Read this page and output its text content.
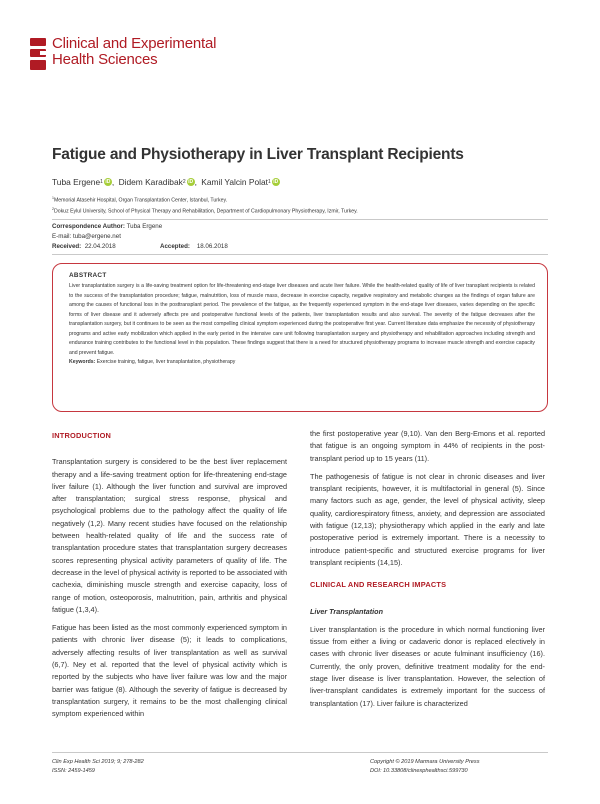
Clinical and Experimental
Health Sciences
Fatigue and Physiotherapy in Liver Transplant Recipients
Tuba Ergene 1 iD , Didem Karadibak 2 iD , Kamil Yalcin Polat 1 iD
$^1$Memorial Atasehir Hospital, Organ Transplantation Center, Istanbul, Turkey.
$^2$Dokuz Eylul University, School of Physical Therapy and Rehabilitation, Department of Cardiopulmonary Physiotherapy, Izmir, Turkey.
Correspondence Author: Tuba Ergene
E-mail: tuba@ergene.net
Received: 22.04.2018	Accepted: 18.06.2018
ABSTRACT
Liver transplantation surgery is a life-saving treatment option for life-threatening end-stage liver diseases and acute liver failure. While the health-related quality of life of liver transplant recipients is related to the success of the transplantation procedure; fatigue, malnutrition, loss of muscle mass, decrease in exercise capacity, negative respiratory and metabolic changes as the findings of organ failure are among the causes of functional loss in the posttransplant period. The prevalence of the fatigue, as the frequently experienced symptom in the end-stage liver diseases, varies depending on the specific forms of liver disease and it adversely affects pre and postoperative functional levels of the patients, liver transplantation results and also survival. The severity of the fatigue decreases after the transplantation surgery, but it continues to be seen as the most compelling clinical symptom experienced during the postoperative first year. Current literature data emphasize the necessity of physiotherapy programs and active early mobilization which applied in the early period in the intensive care unit following transplantation surgery and physiotherapy and rehabilitation approaches including strength and endurance training contributes to the functional level in this population. These findings suggest that there is a need for structured physiotherapy programs to increase muscle strength and exercise capacity and prevent fatigue.
Keywords: Exercise training, fatigue, liver transplantation, physiotherapy
INTRODUCTION

Transplantation surgery is considered to be the best liver replacement therapy and a life-saving treatment option for life-threatening end-stage liver failure (1). Although the liver function and survival are improved after transplantation; surgical stress response, physical and psychological problems due to the pathology affect the quality of life negatively (1,2). Many recent studies have focused on the relationship between health-related quality of life and the success rate of transplantation procedure states that transplantation surgery decreases scores representing physical activity parameters of quality of life. The decrease in the level of physical activity is reported to be associated with cachexia, diminishing muscle strength and exercise capacity, loss of range of motion, osteoporosis, malnutrition, pain, arthritis and physical fatigue (1,3,4).

Fatigue has been listed as the most commonly experienced symptom in patients with chronic liver disease (5); it leads to complications, adversely affecting results of liver transplantation as well as survival (6,7). Ney et al. reported that the level of physical activity which is reported by the subjects who have liver failure was low and the major barrier was fatigue (8). Although the severity of fatigue is decreased by transplantation surgery, it remains to be the most challenging clinical symptom experienced within

the first postoperative year (9,10). Van den Berg-Emons et al. reported that fatigue is an ongoing symptom in 44% of recipients in the post-transplant period up to 15 years (11).

The pathogenesis of fatigue is not clear in chronic diseases and liver transplant recipients, however, it is multifactorial in general (5). Since many factors such as age, gender, the level of physical activity, sleep quality, cardiorespiratory fitness, anxiety, and depression are associated with fatigue (12,13); physiotherapy which applied in the early and late postoperative period is extremely important. There is a necessity to introduce patient-specific and structured exercise programs for liver transplant recipients (14,15).

CLINICAL AND RESEARCH IMPACTS
Liver Transplantation

Liver transplantation is the procedure in which normal functioning liver tissue from either a living or cadaveric donor is replaced electively in cases with chronic liver diseases or acute fulminant insufficiency (16). Currently, the only proven, definitive treatment modality for the end-stage liver disease is liver transplantation. However, the selection of liver-transplant candidates is extremely important for the success of transplantation (17). Liver failure is characterized

Clin Exp Health Sci 2019; 9; 278-282
ISSN: 2459-1459
Copyright © 2019 Marmara University Press
DOI: 10.33808/clinexphealthsci.599730
